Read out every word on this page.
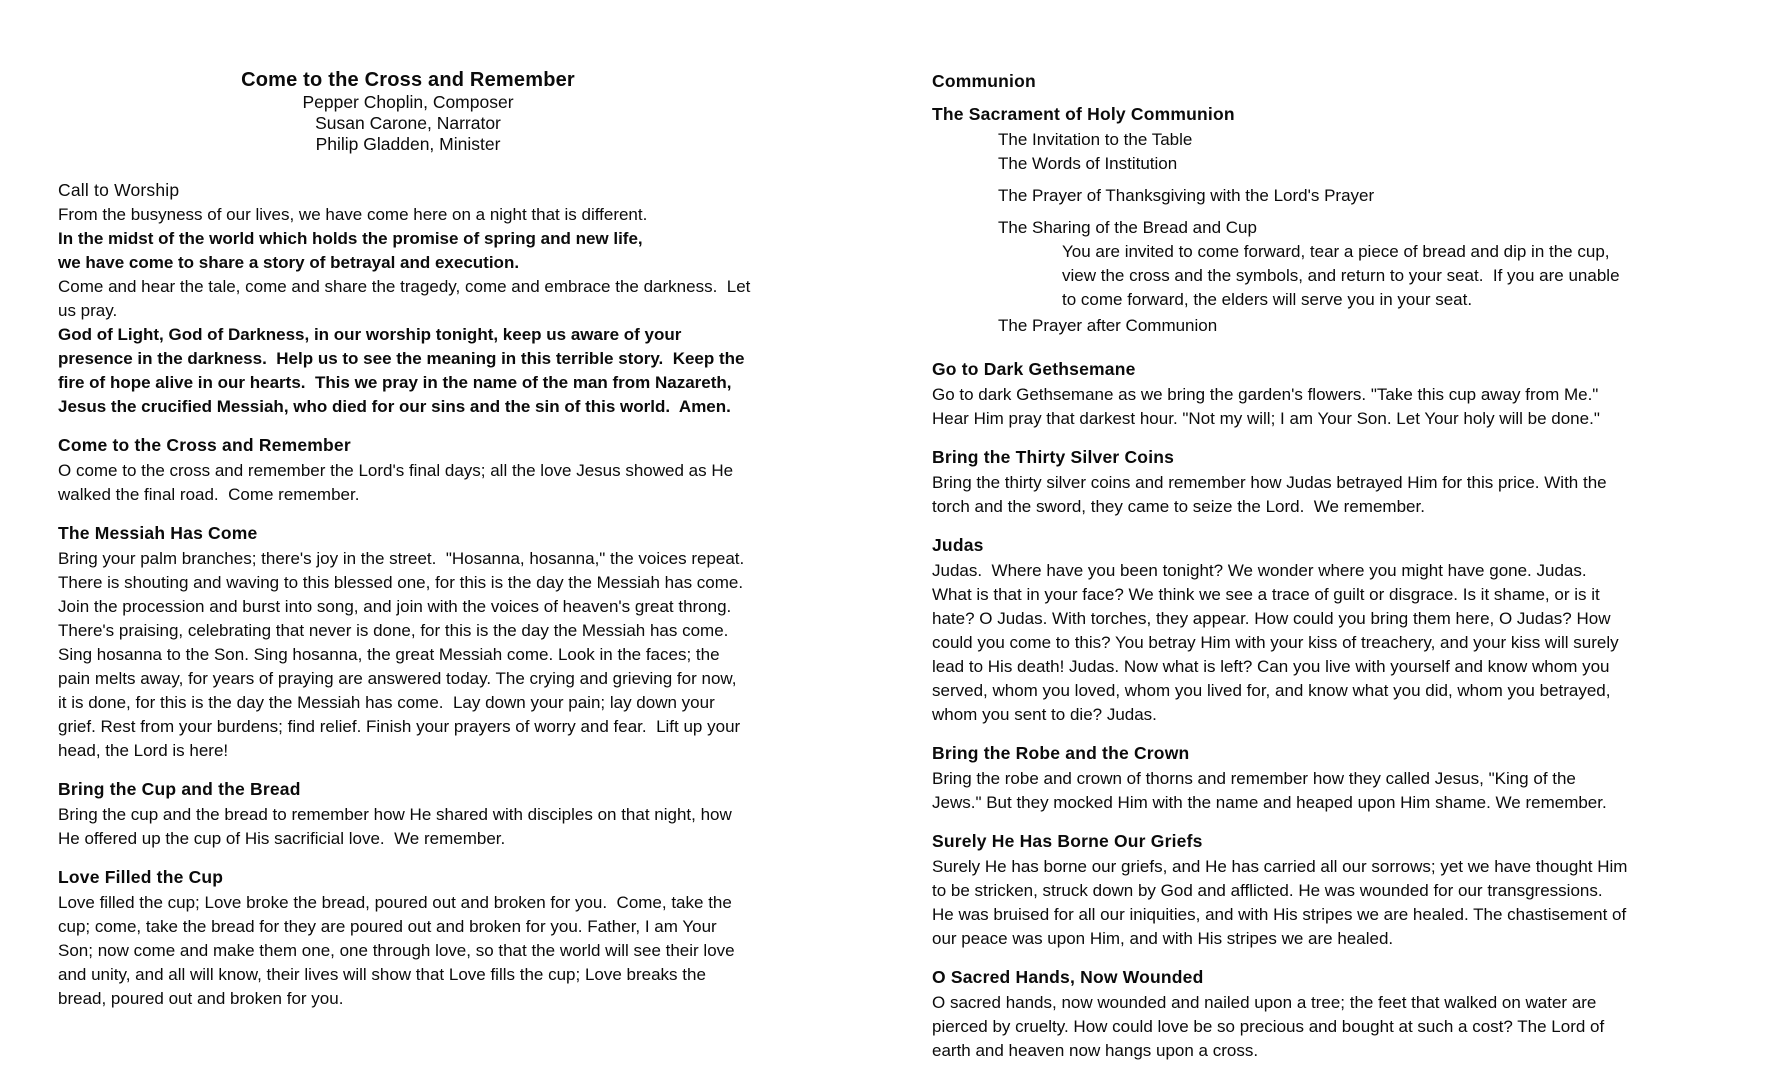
Come to the Cross and Remember
Pepper Choplin, Composer
Susan Carone, Narrator
Philip Gladden, Minister
Call to Worship
From the busyness of our lives, we have come here on a night that is different.
In the midst of the world which holds the promise of spring and new life,
we have come to share a story of betrayal and execution.
Come and hear the tale, come and share the tragedy, come and embrace the darkness.  Let
us pray.
God of Light, God of Darkness, in our worship tonight, keep us aware of your
presence in the darkness.  Help us to see the meaning in this terrible story.  Keep the
fire of hope alive in our hearts.  This we pray in the name of the man from Nazareth,
Jesus the crucified Messiah, who died for our sins and the sin of this world.  Amen.
Come to the Cross and Remember
O come to the cross and remember the Lord's final days; all the love Jesus showed as He
walked the final road.  Come remember.
The Messiah Has Come
Bring your palm branches; there's joy in the street.  "Hosanna, hosanna," the voices repeat.
There is shouting and waving to this blessed one, for this is the day the Messiah has come.
Join the procession and burst into song, and join with the voices of heaven's great throng.
There's praising, celebrating that never is done, for this is the day the Messiah has come.
Sing hosanna to the Son. Sing hosanna, the great Messiah come. Look in the faces; the
pain melts away, for years of praying are answered today. The crying and grieving for now,
it is done, for this is the day the Messiah has come.  Lay down your pain; lay down your
grief. Rest from your burdens; find relief. Finish your prayers of worry and fear.  Lift up your
head, the Lord is here!
Bring the Cup and the Bread
Bring the cup and the bread to remember how He shared with disciples on that night, how
He offered up the cup of His sacrificial love.  We remember.
Love Filled the Cup
Love filled the cup; Love broke the bread, poured out and broken for you.  Come, take the
cup; come, take the bread for they are poured out and broken for you. Father, I am Your
Son; now come and make them one, one through love, so that the world will see their love
and unity, and all will know, their lives will show that Love fills the cup; Love breaks the
bread, poured out and broken for you.
Communion
The Sacrament of Holy Communion
The Invitation to the Table
The Words of Institution
The Prayer of Thanksgiving with the Lord's Prayer
The Sharing of the Bread and Cup
You are invited to come forward, tear a piece of bread and dip in the cup,
view the cross and the symbols, and return to your seat.  If you are unable
to come forward, the elders will serve you in your seat.
The Prayer after Communion
Go to Dark Gethsemane
Go to dark Gethsemane as we bring the garden's flowers. "Take this cup away from Me."
Hear Him pray that darkest hour. "Not my will; I am Your Son. Let Your holy will be done."
Bring the Thirty Silver Coins
Bring the thirty silver coins and remember how Judas betrayed Him for this price. With the
torch and the sword, they came to seize the Lord.  We remember.
Judas
Judas.  Where have you been tonight? We wonder where you might have gone. Judas.
What is that in your face? We think we see a trace of guilt or disgrace. Is it shame, or is it
hate? O Judas. With torches, they appear. How could you bring them here, O Judas? How
could you come to this? You betray Him with your kiss of treachery, and your kiss will surely
lead to His death! Judas. Now what is left? Can you live with yourself and know whom you
served, whom you loved, whom you lived for, and know what you did, whom you betrayed,
whom you sent to die? Judas.
Bring the Robe and the Crown
Bring the robe and crown of thorns and remember how they called Jesus, "King of the
Jews." But they mocked Him with the name and heaped upon Him shame. We remember.
Surely He Has Borne Our Griefs
Surely He has borne our griefs, and He has carried all our sorrows; yet we have thought Him
to be stricken, struck down by God and afflicted. He was wounded for our transgressions.
He was bruised for all our iniquities, and with His stripes we are healed. The chastisement of
our peace was upon Him, and with His stripes we are healed.
O Sacred Hands, Now Wounded
O sacred hands, now wounded and nailed upon a tree; the feet that walked on water are
pierced by cruelty. How could love be so precious and bought at such a cost? The Lord of
earth and heaven now hangs upon a cross.
